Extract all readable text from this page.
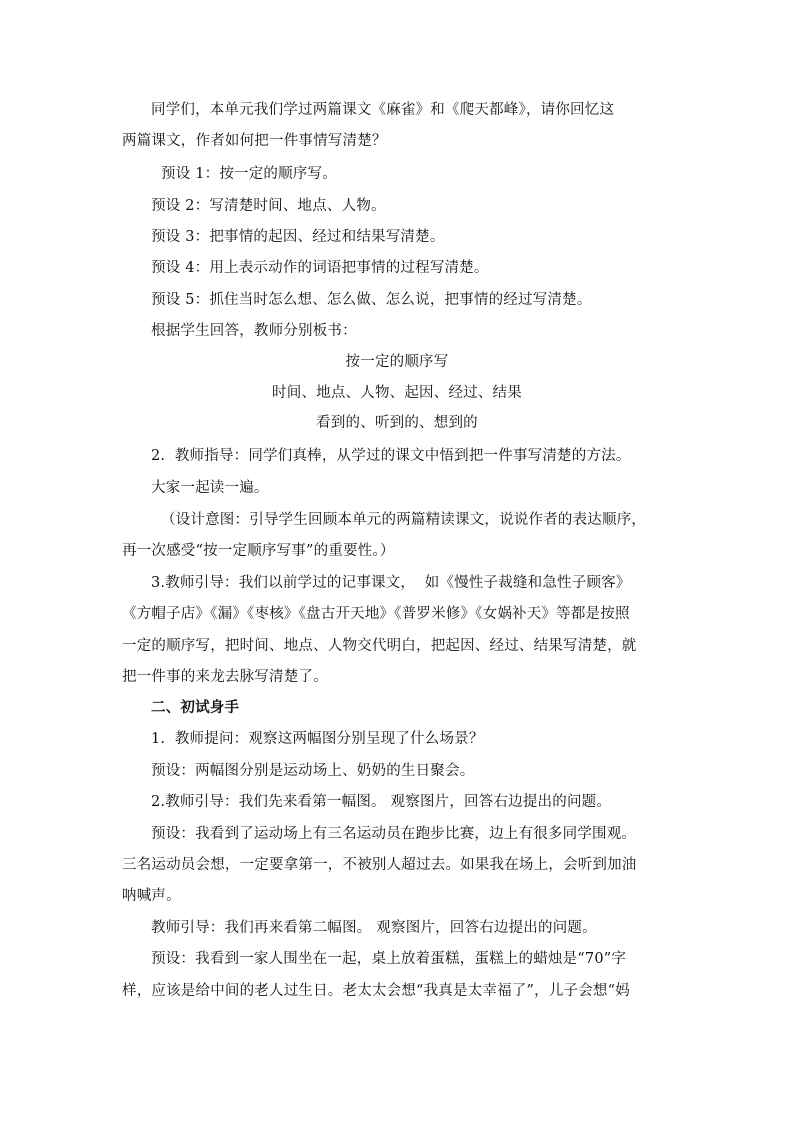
同学们，本单元我们学过两篇课文《麻雀》和《爬天都峰》，请你回忆这

两篇课文，作者如何把一件事情写清楚？

预设 1：按一定的顺序写。

预设 2：写清楚时间、地点、人物。

预设 3：把事情的起因、经过和结果写清楚。

预设 4：用上表示动作的词语把事情的过程写清楚。

预设 5：抓住当时怎么想、怎么做、怎么说，把事情的经过写清楚。

根据学生回答，教师分别板书：

按一定的顺序写

时间、地点、人物、起因、经过、结果

看到的、听到的、想到的

2.  教师指导：同学们真棒，从学过的课文中悟到把一件事写清楚的方法。

大家一起读一遍。

（设计意图：引导学生回顾本单元的两篇精读课文，说说作者的表达顺序，

再一次感受“按一定顺序写事”的重要性。）

3.教师引导：我们以前学过的记事课文，  如《慢性子裁缝和急性子顾客》

《方帽子店》《漏》《枣核》《盘古开天地》《普罗米修》《女娲补天》等都是按照

一定的顺序写，把时间、地点、人物交代明白，把起因、经过、结果写清楚，就

把一件事的来龙去脉写清楚了。

二、初试身手

1.  教师提问：观察这两幅图分别呈现了什么场景？

预设：两幅图分别是运动场上、奶奶的生日聚会。

2.教师引导：我们先来看第一幅图。 观察图片，回答右边提出的问题。

预设：我看到了运动场上有三名运动员在跑步比赛，边上有很多同学围观。

三名运动员会想，一定要拿第一，不被别人超过去。如果我在场上，会听到加油

呐喊声。

教师引导：我们再来看第二幅图。 观察图片，回答右边提出的问题。

预设：我看到一家人围坐在一起，桌上放着蛋糕，蛋糕上的蜡烛是“70”字

样，应该是给中间的老人过生日。老太太会想“我真是太幸福了”，儿子会想“妈
